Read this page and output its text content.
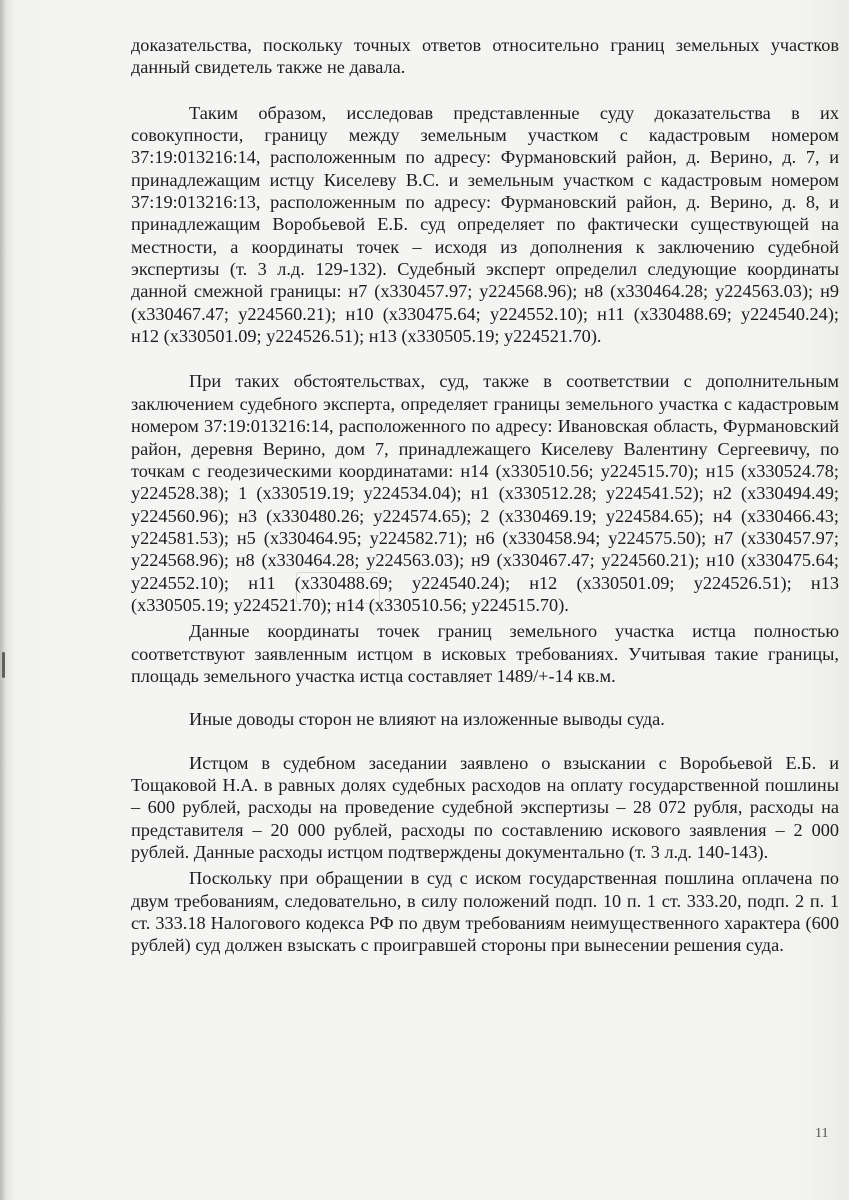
доказательства, поскольку точных ответов относительно границ земельных участков данный свидетель также не давала.

Таким образом, исследовав представленные суду доказательства в их совокупности, границу между земельным участком с кадастровым номером 37:19:013216:14, расположенным по адресу: Фурмановский район, д. Верино, д. 7, и принадлежащим истцу Киселеву В.С. и земельным участком с кадастровым номером 37:19:013216:13, расположенным по адресу: Фурмановский район, д. Верино, д. 8, и принадлежащим Воробьевой Е.Б. суд определяет по фактически существующей на местности, а координаты точек – исходя из дополнения к заключению судебной экспертизы (т. 3 л.д. 129-132). Судебный эксперт определил следующие координаты данной смежной границы: н7 (x330457.97; y224568.96); н8 (x330464.28; y224563.03); н9 (x330467.47; y224560.21); н10 (x330475.64; y224552.10); н11 (x330488.69; y224540.24); н12 (x330501.09; y224526.51); н13 (x330505.19; y224521.70).

При таких обстоятельствах, суд, также в соответствии с дополнительным заключением судебного эксперта, определяет границы земельного участка с кадастровым номером 37:19:013216:14, расположенного по адресу: Ивановская область, Фурмановский район, деревня Верино, дом 7, принадлежащего Киселеву Валентину Сергеевичу, по точкам с геодезическими координатами: н14 (x330510.56; y224515.70); н15 (x330524.78; y224528.38); 1 (x330519.19; y224534.04); н1 (x330512.28; y224541.52); н2 (x330494.49; y224560.96); н3 (x330480.26; y224574.65); 2 (x330469.19; y224584.65); н4 (x330466.43; y224581.53); н5 (x330464.95; y224582.71); н6 (x330458.94; y224575.50); н7 (x330457.97; y224568.96); н8 (x330464.28; y224563.03); н9 (x330467.47; y224560.21); н10 (x330475.64; y224552.10); н11 (x330488.69; y224540.24); н12 (x330501.09; y224526.51); н13 (x330505.19; y224521.70); н14 (x330510.56; y224515.70).

Данные координаты точек границ земельного участка истца полностью соответствуют заявленным истцом в исковых требованиях. Учитывая такие границы, площадь земельного участка истца составляет 1489/+-14 кв.м.

Иные доводы сторон не влияют на изложенные выводы суда.

Истцом в судебном заседании заявлено о взыскании с Воробьевой Е.Б. и Тощаковой Н.А. в равных долях судебных расходов на оплату государственной пошлины – 600 рублей, расходы на проведение судебной экспертизы – 28 072 рубля, расходы на представителя – 20 000 рублей, расходы по составлению искового заявления – 2 000 рублей. Данные расходы истцом подтверждены документально (т. 3 л.д. 140-143).

Поскольку при обращении в суд с иском государственная пошлина оплачена по двум требованиям, следовательно, в силу положений подп. 10 п. 1 ст. 333.20, подп. 2 п. 1 ст. 333.18 Налогового кодекса РФ по двум требованиям неимущественного характера (600 рублей) суд должен взыскать с проигравшей стороны при вынесении решения суда.

11
